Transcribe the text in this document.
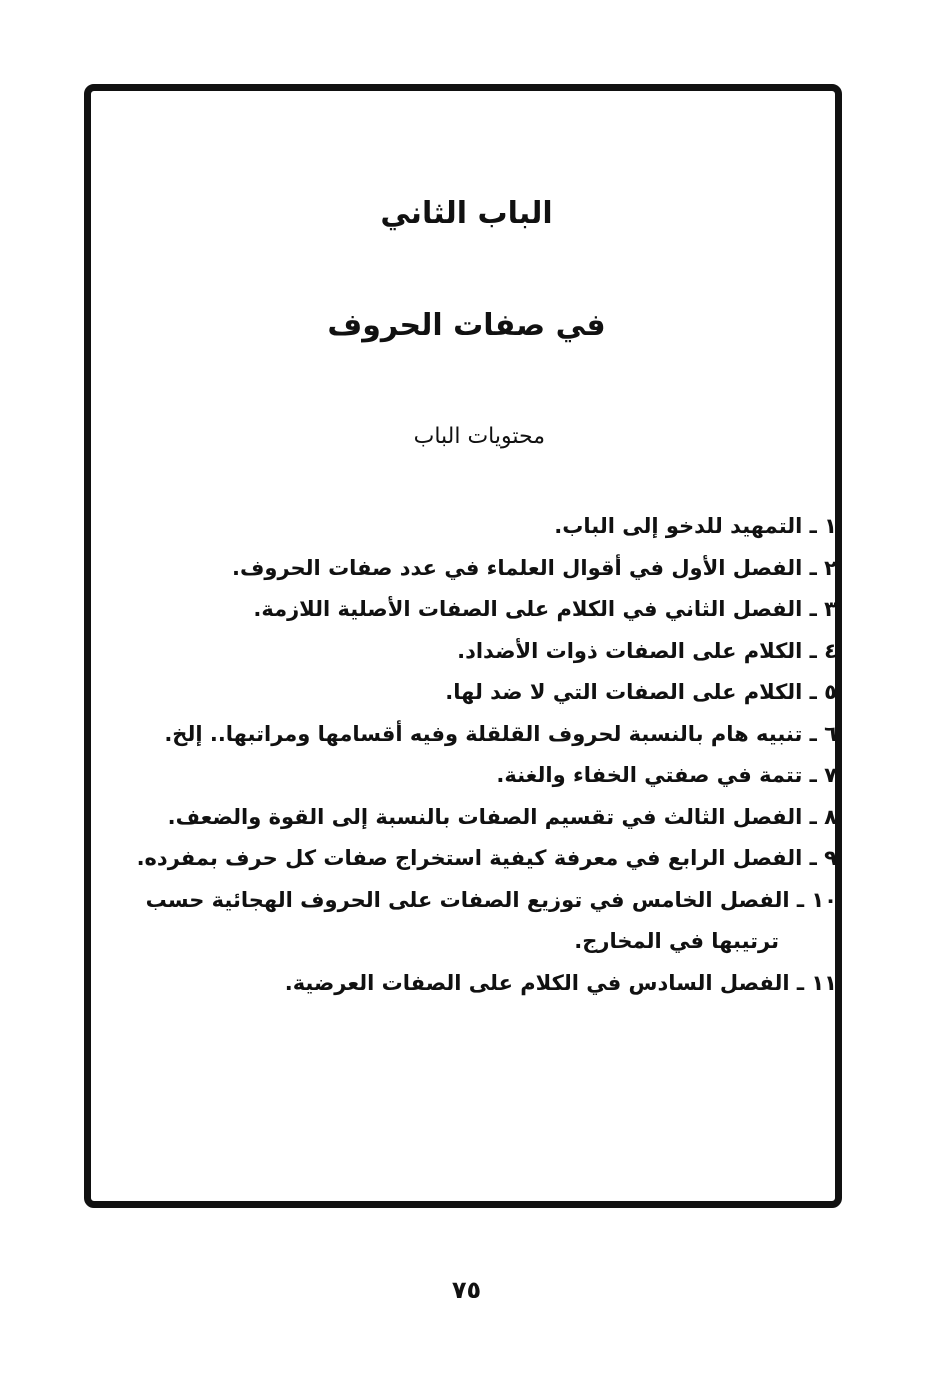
الباب الثاني
في صفات الحروف
محتويات الباب
١ ـ التمهيد للدخو إلى الباب.
٢ ـ الفصل الأول في أقوال العلماء في عدد صفات الحروف.
٣ ـ الفصل الثاني في الكلام على الصفات الأصلية اللازمة.
٤ ـ الكلام على الصفات ذوات الأضداد.
٥ ـ الكلام على الصفات التي لا ضد لها.
٦ ـ تنبيه هام بالنسبة لحروف القلقلة وفيه أقسامها ومراتبها.. إلخ.
٧ ـ تتمة في صفتي الخفاء والغنة.
٨ ـ الفصل الثالث في تقسيم الصفات بالنسبة إلى القوة والضعف.
٩ ـ الفصل الرابع في معرفة كيفية استخراج صفات كل حرف بمفرده.
١٠ ـ الفصل الخامس في توزيع الصفات على الحروف الهجائية حسب
ترتيبها في المخارج.
١١ ـ الفصل السادس في الكلام على الصفات العرضية.
٧٥
